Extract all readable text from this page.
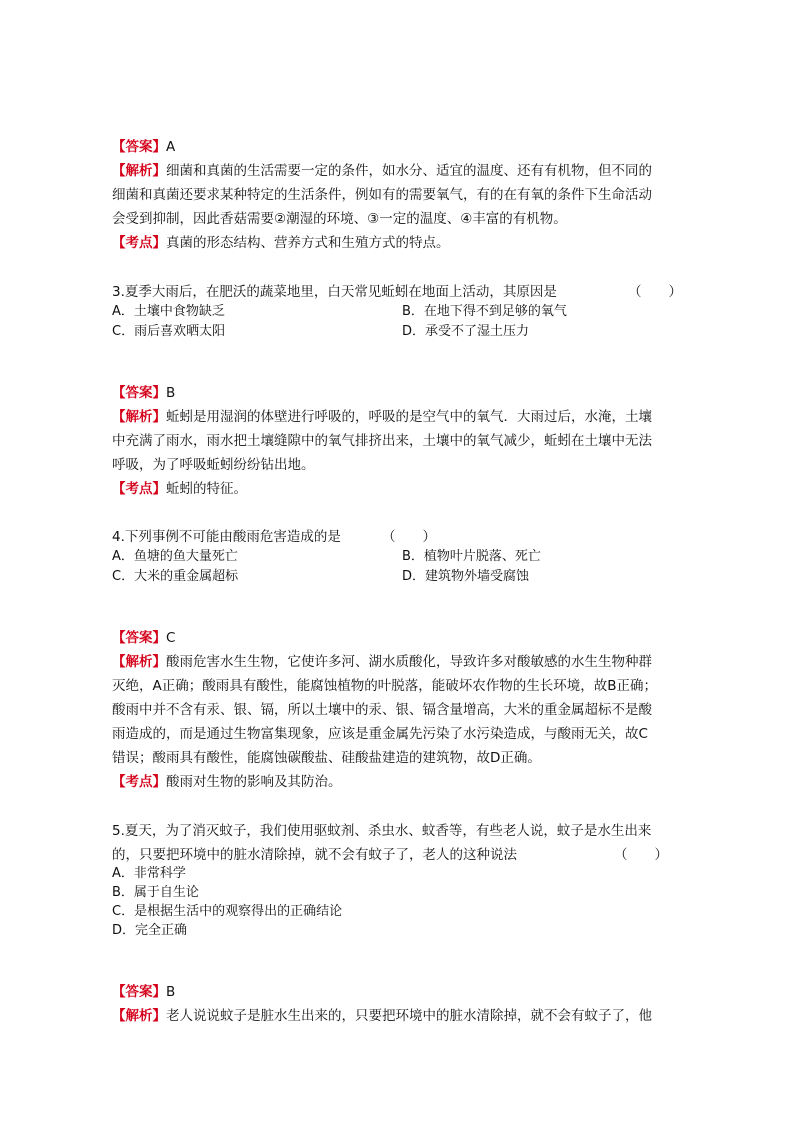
【答案】A
【解析】细菌和真菌的生活需要一定的条件，如水分、适宜的温度、还有有机物，但不同的
细菌和真菌还要求某种特定的生活条件，例如有的需要氧气，有的在有氧的条件下生命活动
会受到抑制，因此香菇需要②潮湿的环境、③一定的温度、④丰富的有机物。
【考点】真菌的形态结构、营养方式和生殖方式的特点。
3.夏季大雨后，在肥沃的蔬菜地里，白天常见蚯蚓在地面上活动，其原因是	（　　）
A．土壤中食物缺乏	B．在地下得不到足够的氧气
C．雨后喜欢晒太阳	D．承受不了湿土压力
【答案】B
【解析】蚯蚓是用湿润的体壁进行呼吸的，呼吸的是空气中的氧气．大雨过后，水淹，土壤
中充满了雨水，雨水把土壤缝隙中的氧气排挤出来，土壤中的氧气减少，蚯蚓在土壤中无法
呼吸，为了呼吸蚯蚓纷纷钻出地。
【考点】蚯蚓的特征。
4.下列事例不可能由酸雨危害造成的是	（　　）
A．鱼塘的鱼大量死亡	B．植物叶片脱落、死亡
C．大米的重金属超标	D．建筑物外墙受腐蚀
【答案】C
【解析】酸雨危害水生生物，它使许多河、湖水质酸化，导致许多对酸敏感的水生生物种群
灭绝，A正确；酸雨具有酸性，能腐蚀植物的叶脱落，能破坏农作物的生长环境，故B正确；
酸雨中并不含有汞、银、镉，所以土壤中的汞、银、镉含量增高，大米的重金属超标不是酸
雨造成的，而是通过生物富集现象，应该是重金属先污染了水污染造成，与酸雨无关，故C
错误；酸雨具有酸性，能腐蚀碳酸盐、硅酸盐建造的建筑物，故D正确。
【考点】酸雨对生物的影响及其防治。
5.夏天，为了消灭蚊子，我们使用驱蚊剂、杀虫水、蚊香等，有些老人说，蚊子是水生出来
的，只要把环境中的脏水清除掉，就不会有蚊子了，老人的这种说法	（　　）
A．非常科学
B．属于自生论
C．是根据生活中的观察得出的正确结论
D．完全正确
【答案】B
【解析】老人说说蚊子是脏水生出来的，只要把环境中的脏水清除掉，就不会有蚊子了，他
